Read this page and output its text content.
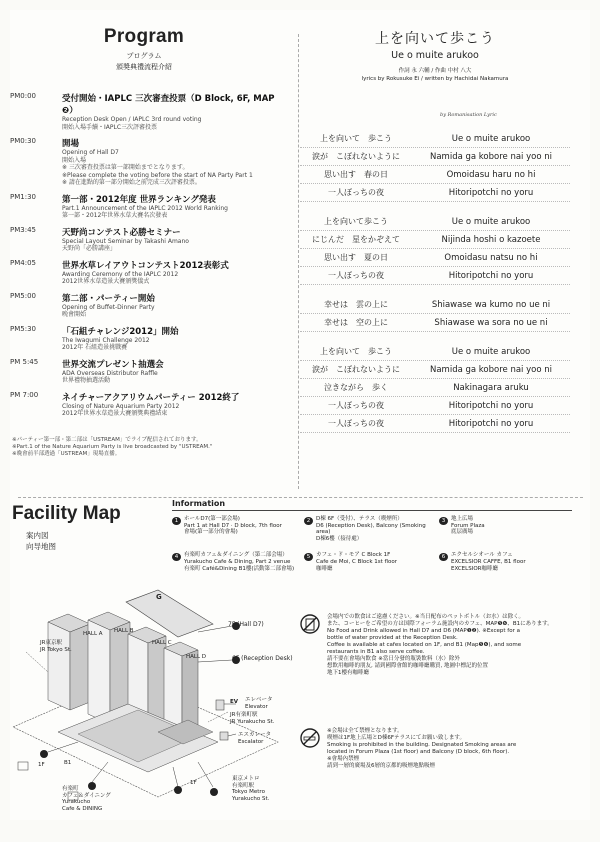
Program
プログラム
頒奬典禮流程介紹
PM0:00	受付開始・IAPLC 三次審査投票（D Block, 6F, MAP ❷）
Reception Desk Open / IAPLC 3rd round voting
開始入場手續・IAPLC三次評審投票
PM0:30	開場
Opening of Hall D7
開始入場
※ 三次審査投票は第一部開始までとなります。
※Please complete the voting before the start of NA Party Part 1
※ 請在進點的第一部分開始之前完成三次評審投票。
PM1:30	第一部・2012年度 世界ランキング発表
Part.1 Announcement of the IAPLC 2012 World Ranking
第一部・2012年世界水草大賽名次發表
PM3:45	天野尚コンテスト必勝セミナー
Special Layout Seminar by Takashi Amano
天野尚「必勝講座」
PM4:05	世界水草レイアウトコンテスト2012表彰式
Awarding Ceremony of the IAPLC 2012
2012世界水草造景大賽頒獎儀式
PM5:00	第二部・パーティー開始
Opening of Buffet-Dinner Party
晚會開始
PM5:30	「石組チャレンジ2012」開始
The Iwagumi Challenge 2012
2012年 石組造景挑戰賽
PM 5:45	世界交流プレゼント抽選会
ADA Overseas Distributor Raffle
世界禮物抽選活動
PM 7:00	ネイチャーアクアリウムパーティー 2012終了
Closing of Nature Aquarium Party 2012
2012年世界水草造景大賽頒獎典禮結束
※パーティー第一部・第二部は「USTREAM」でライブ配信されております。
※Part.1 of the Nature Aquarium Party is live broadcasted by "USTREAM."
※晚會前半部透過「USTREAM」現場直播。
上を向いて歩こう
Ue o muite arukoo
作詞 永 六輔 / 作曲 中村 八大
lyrics by Rokusuke Ei / written by Hachidai Nakamura
by Romanisation Lyric
上を向いて　歩こう	Ue o muite arukoo
涙が　こぼれないように	Namida ga kobore nai yoo ni
思い出す　春の日	Omoidasu haru no hi
一人ぼっちの夜	Hitoripotchi no yoru
上を向いて歩こう	Ue o muite arukoo
にじんだ　星をかぞえて	Nijinda hoshi o kazoete
思い出す　夏の日	Omoidasu natsu no hi
一人ぼっちの夜	Hitoripotchi no yoru
幸せは　雲の上に	Shiawase wa kumo no ue ni
幸せは　空の上に	Shiawase wa sora no ue ni
上を向いて　歩こう	Ue o muite arukoo
涙が　こぼれないように	Namida ga kobore nai yoo ni
泣きながら　歩く	Nakinagara aruku
一人ぼっちの夜	Hitoripotchi no yoru
一人ぼっちの夜	Hitoripotchi no yoru
Facility Map
案内図
向导地图
HALL A HALL B
HALL C
HALL D
G
7F (Hall D7)
6F (Reception Desk)
EV エレベータ
Elevator
エスカレータ
Escalator
JR東京駅
JR Tokyo St.
JR有楽町駅
JR Yurakucho St.
東京メトロ
有楽町駅
Tokyo Metro
Yurakucho St.
有楽町
カフェ＆ダイニング
Yurakucho
Cafe & DINING
B1
1F
1F
Information
1	ホールD7(第一部会場)
Part 1 at Hall D7 · D block, 7th floor
會場(第一部分的會場)
2	D棟 6F（受付）、テラス（喫煙所）
D6 (Reception Desk), Balcony (Smoking area)
D棟6樓（接待處）
3	地上広場
Forum Plaza
底层廣場
4	有楽町カフェ＆ダイニング（第二部会場）
Yurakucho Cafe & Dining, Part 2 venue
有楽町 Café&Dining B1樓(活動第二部會場)
5	カフェ・ド・モア C Block 1F
Cafe de Moi, C Block 1st floor
咖啡廳
6	エクセルシオール カフェ
EXCELSIOR CAFFE, B1 floor
EXCELSIOR咖啡廳
会場内での飲食はご遠慮ください。※当日配布のペットボトル（お水）は除く。
また、コーヒーをご希望の方は国際フォーラム施設内のカフェ、MAP❺❻、B1にあります。
No Food and Drink allowed in Hall D7 and D6 (MAP❶❷). ※Except for a
bottle of water provided at the Reception Desk.
Coffee is available at cafes located on 1F, and B1 (Map❺❻), and some
restaurants in B1 also serve coffee.
請不要在會場內飲食 ※當日分發的瓶裝飲料（水）除外
想飲用咖啡的朋友, 請到國際會館的咖啡廳購買, 地圖中標記的位置
地下1樓有咖啡廳
※会場は全て禁煙となります。
喫煙は1F地上広場とD棟6Fテラスにてお願い致します。
Smoking is prohibited in the building. Designated Smoking areas are
located in Forum Plaza (1st floor) and Balcony (D block, 6th floor).
※會場內禁煙
請到一層的廣場及6層的京都的吸煙地點吸煙
